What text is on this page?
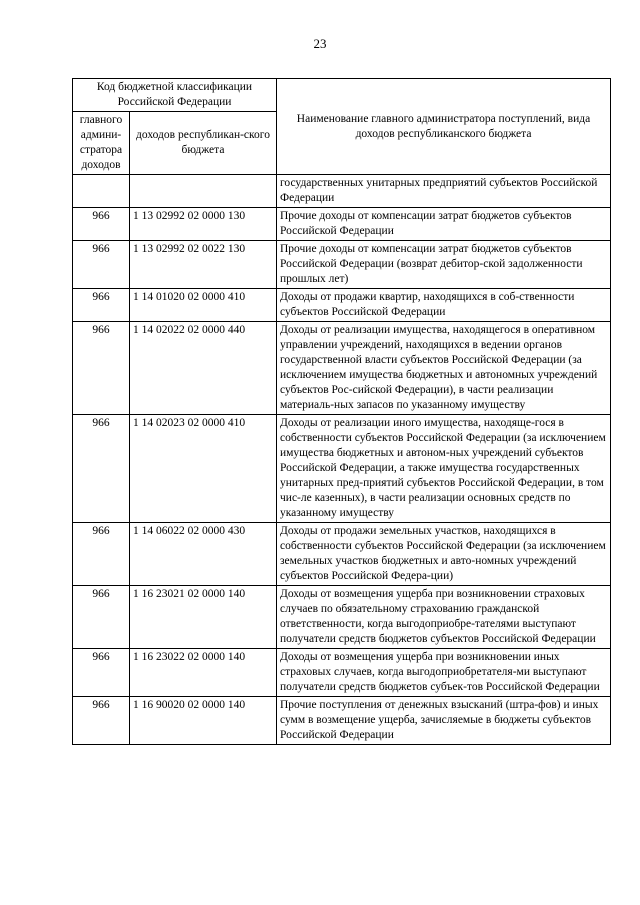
23
Код бюджетной классификации Российской Федерации		Наименование главного администратора поступлений, вида доходов республиканского бюджета
главного админи-стратора доходов	доходов республикан-ского бюджета	
		государственных унитарных предприятий субъектов Российской Федерации
966	1 13 02992 02 0000 130	Прочие доходы от компенсации затрат бюджетов субъектов Российской Федерации
966	1 13 02992 02 0022 130	Прочие доходы от компенсации затрат бюджетов субъектов Российской Федерации (возврат дебитор-ской задолженности прошлых лет)
966	1 14 01020 02 0000 410	Доходы от продажи квартир, находящихся в соб-ственности субъектов Российской Федерации
966	1 14 02022 02 0000 440	Доходы от реализации имущества, находящегося в оперативном управлении учреждений, находящихся в ведении органов государственной власти субъектов Российской Федерации (за исключением имущества бюджетных и автономных учреждений субъектов Рос-сийской Федерации), в части реализации материаль-ных запасов по указанному имуществу
966	1 14 02023 02 0000 410	Доходы от реализации иного имущества, находяще-гося в собственности субъектов Российской Федерации (за исключением имущества бюджетных и автоном-ных учреждений субъектов Российской Федерации, а также имущества государственных унитарных пред-приятий субъектов Российской Федерации, в том чис-ле казенных), в части реализации основных средств по указанному имуществу
966	1 14 06022 02 0000 430	Доходы от продажи земельных участков, находящихся в собственности субъектов Российской Федерации (за исключением земельных участков бюджетных и авто-номных учреждений субъектов Российской Федера-ции)
966	1 16 23021 02 0000 140	Доходы от возмещения ущерба при возникновении страховых случаев по обязательному страхованию гражданской ответственности, когда выгодоприобре-тателями выступают получатели средств бюджетов субъектов Российской Федерации
966	1 16 23022 02 0000 140	Доходы от возмещения ущерба при возникновении иных страховых случаев, когда выгодоприобретателя-ми выступают получатели средств бюджетов субъек-тов Российской Федерации
966	1 16 90020 02 0000 140	Прочие поступления от денежных взысканий (штра-фов) и иных сумм в возмещение ущерба, зачисляемые в бюджеты субъектов Российской Федерации
